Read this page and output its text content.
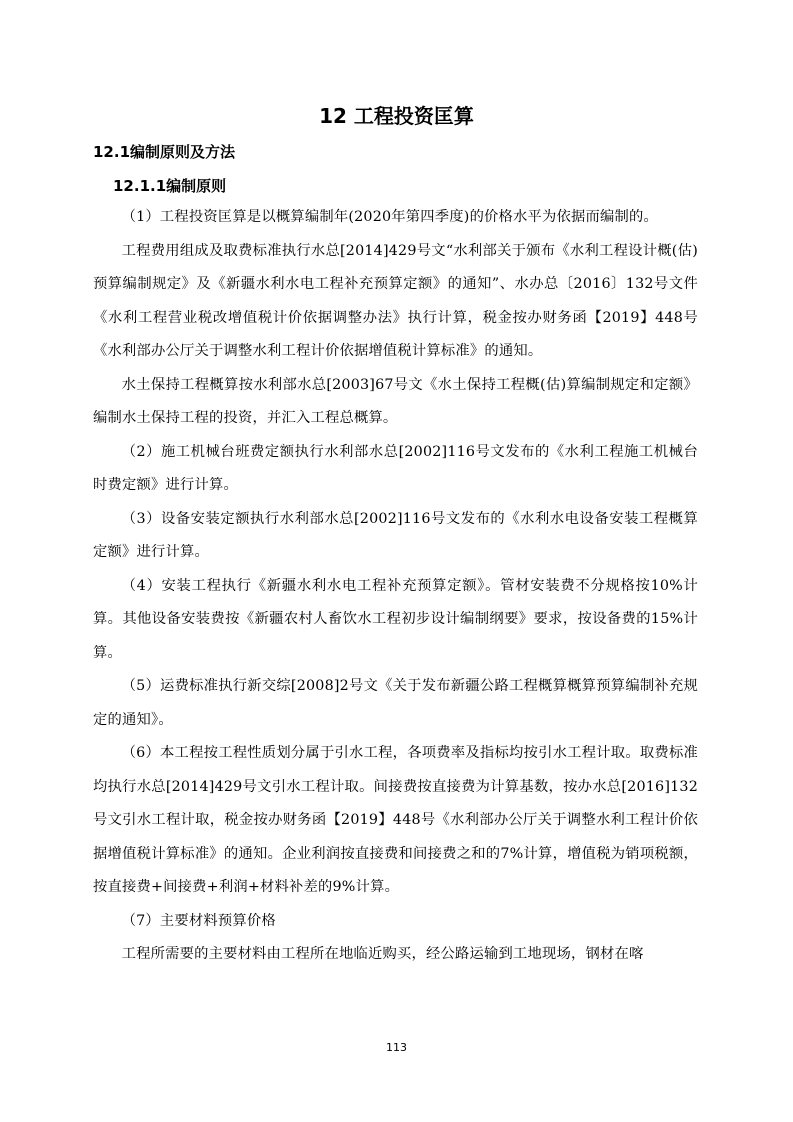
12 工程投资匡算
12.1编制原则及方法
12.1.1编制原则

（1）工程投资匡算是以概算编制年(2020年第四季度)的价格水平为依据而编制的。

工程费用组成及取费标准执行水总[2014]429号文“水利部关于颁布《水利工程设计概(估)预算编制规定》及《新疆水利水电工程补充预算定额》的通知”、水办总〔2016〕132号文件《水利工程营业税改增值税计价依据调整办法》执行计算，税金按办财务函【2019】448号《水利部办公厅关于调整水利工程计价依据增值税计算标准》的通知。

水土保持工程概算按水利部水总[2003]67号文《水土保持工程概(估)算编制规定和定额》编制水土保持工程的投资，并汇入工程总概算。

（2）施工机械台班费定额执行水利部水总[2002]116号文发布的《水利工程施工机械台时费定额》进行计算。

（3）设备安装定额执行水利部水总[2002]116号文发布的《水利水电设备安装工程概算定额》进行计算。

（4）安装工程执行《新疆水利水电工程补充预算定额》。管材安装费不分规格按10%计算。其他设备安装费按《新疆农村人畜饮水工程初步设计编制纲要》要求，按设备费的15%计算。

（5）运费标准执行新交综[2008]2号文《关于发布新疆公路工程概算概算预算编制补充规定的通知》。

（6）本工程按工程性质划分属于引水工程，各项费率及指标均按引水工程计取。取费标准均执行水总[2014]429号文引水工程计取。间接费按直接费为计算基数，按办水总[2016]132号文引水工程计取，税金按办财务函【2019】448号《水利部办公厅关于调整水利工程计价依据增值税计算标准》的通知。企业利润按直接费和间接费之和的7%计算，增值税为销项税额，按直接费+间接费+利润+材料补差的9%计算。

（7）主要材料预算价格

工程所需要的主要材料由工程所在地临近购买，经公路运输到工地现场，钢材在喀

113
